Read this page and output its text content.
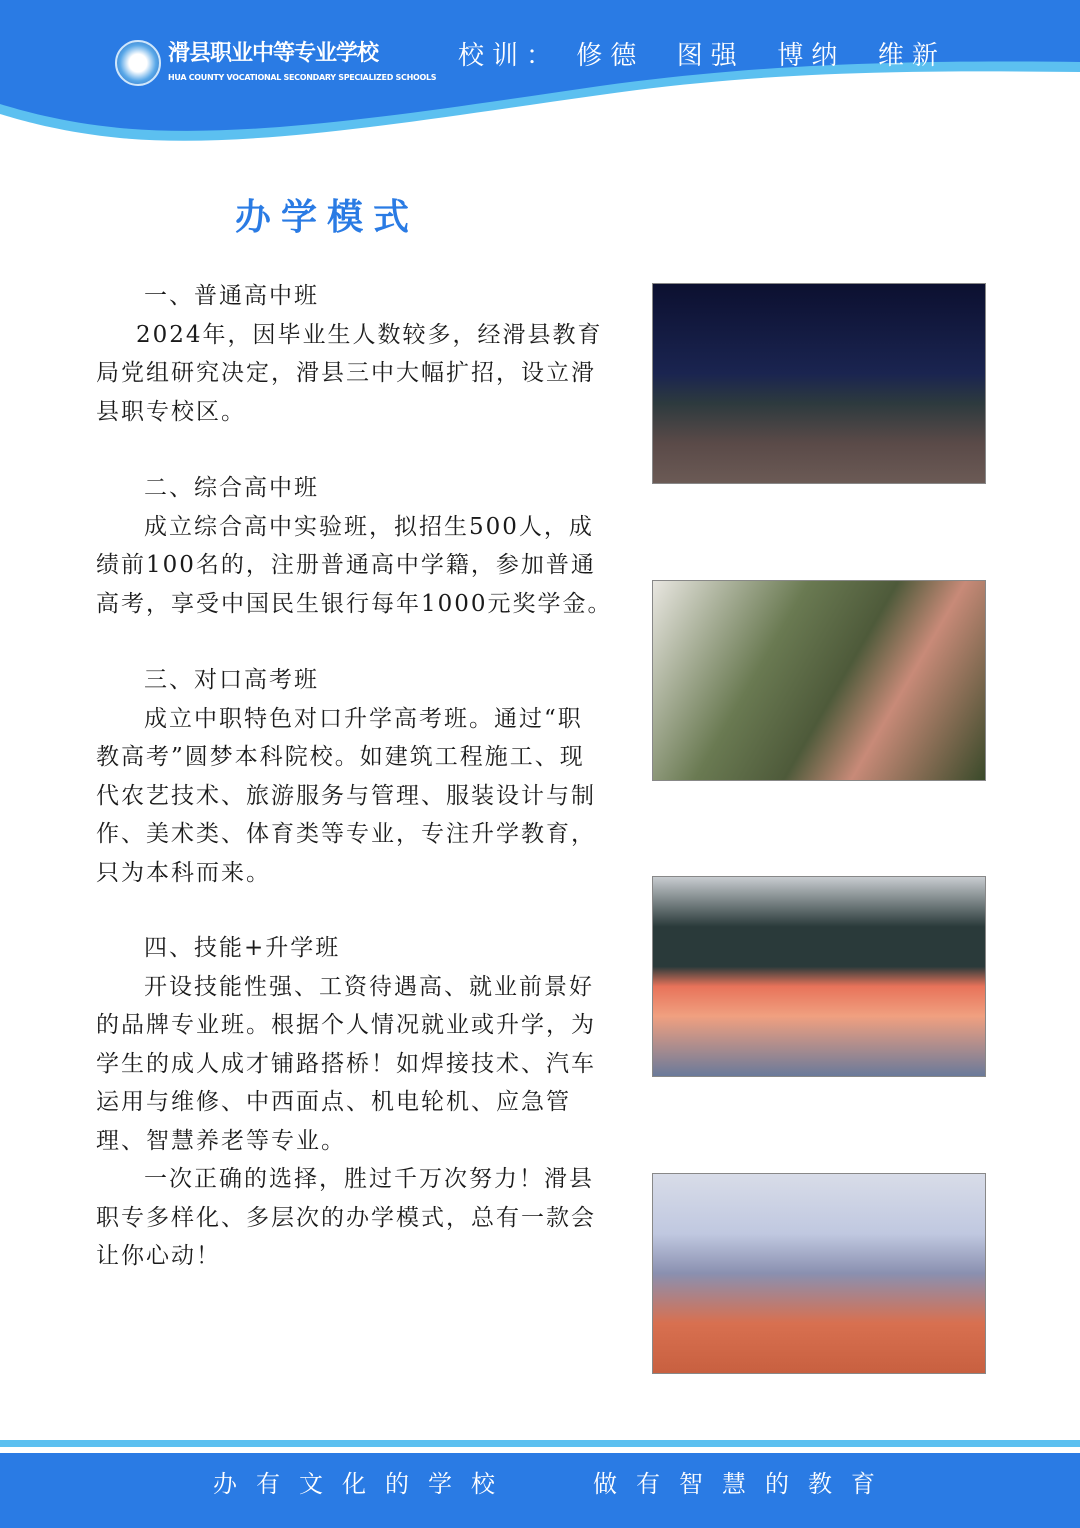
滑县职业中等专业学校
HUA COUNTY VOCATIONAL SECONDARY SPECIALIZED SCHOOLS
校训： 修德  图强  博纳  维新
办学模式
一、普通高中班
2024年，因毕业生人数较多，经滑县教育
局党组研究决定，滑县三中大幅扩招，设立滑
县职专校区。
二、综合高中班
成立综合高中实验班，拟招生500人，成
绩前100名的，注册普通高中学籍，参加普通
高考，享受中国民生银行每年1000元奖学金。
三、对口高考班
成立中职特色对口升学高考班。通过“职
教高考”圆梦本科院校。如建筑工程施工、现
代农艺技术、旅游服务与管理、服装设计与制
作、美术类、体育类等专业，专注升学教育，
只为本科而来。
四、技能+升学班
开设技能性强、工资待遇高、就业前景好
的品牌专业班。根据个人情况就业或升学，为
学生的成人成才铺路搭桥！如焊接技术、汽车
运用与维修、中西面点、机电轮机、应急管
理、智慧养老等专业。
一次正确的选择，胜过千万次努力！滑县
职专多样化、多层次的办学模式，总有一款会
让你心动！
办有文化的学校	做有智慧的教育
